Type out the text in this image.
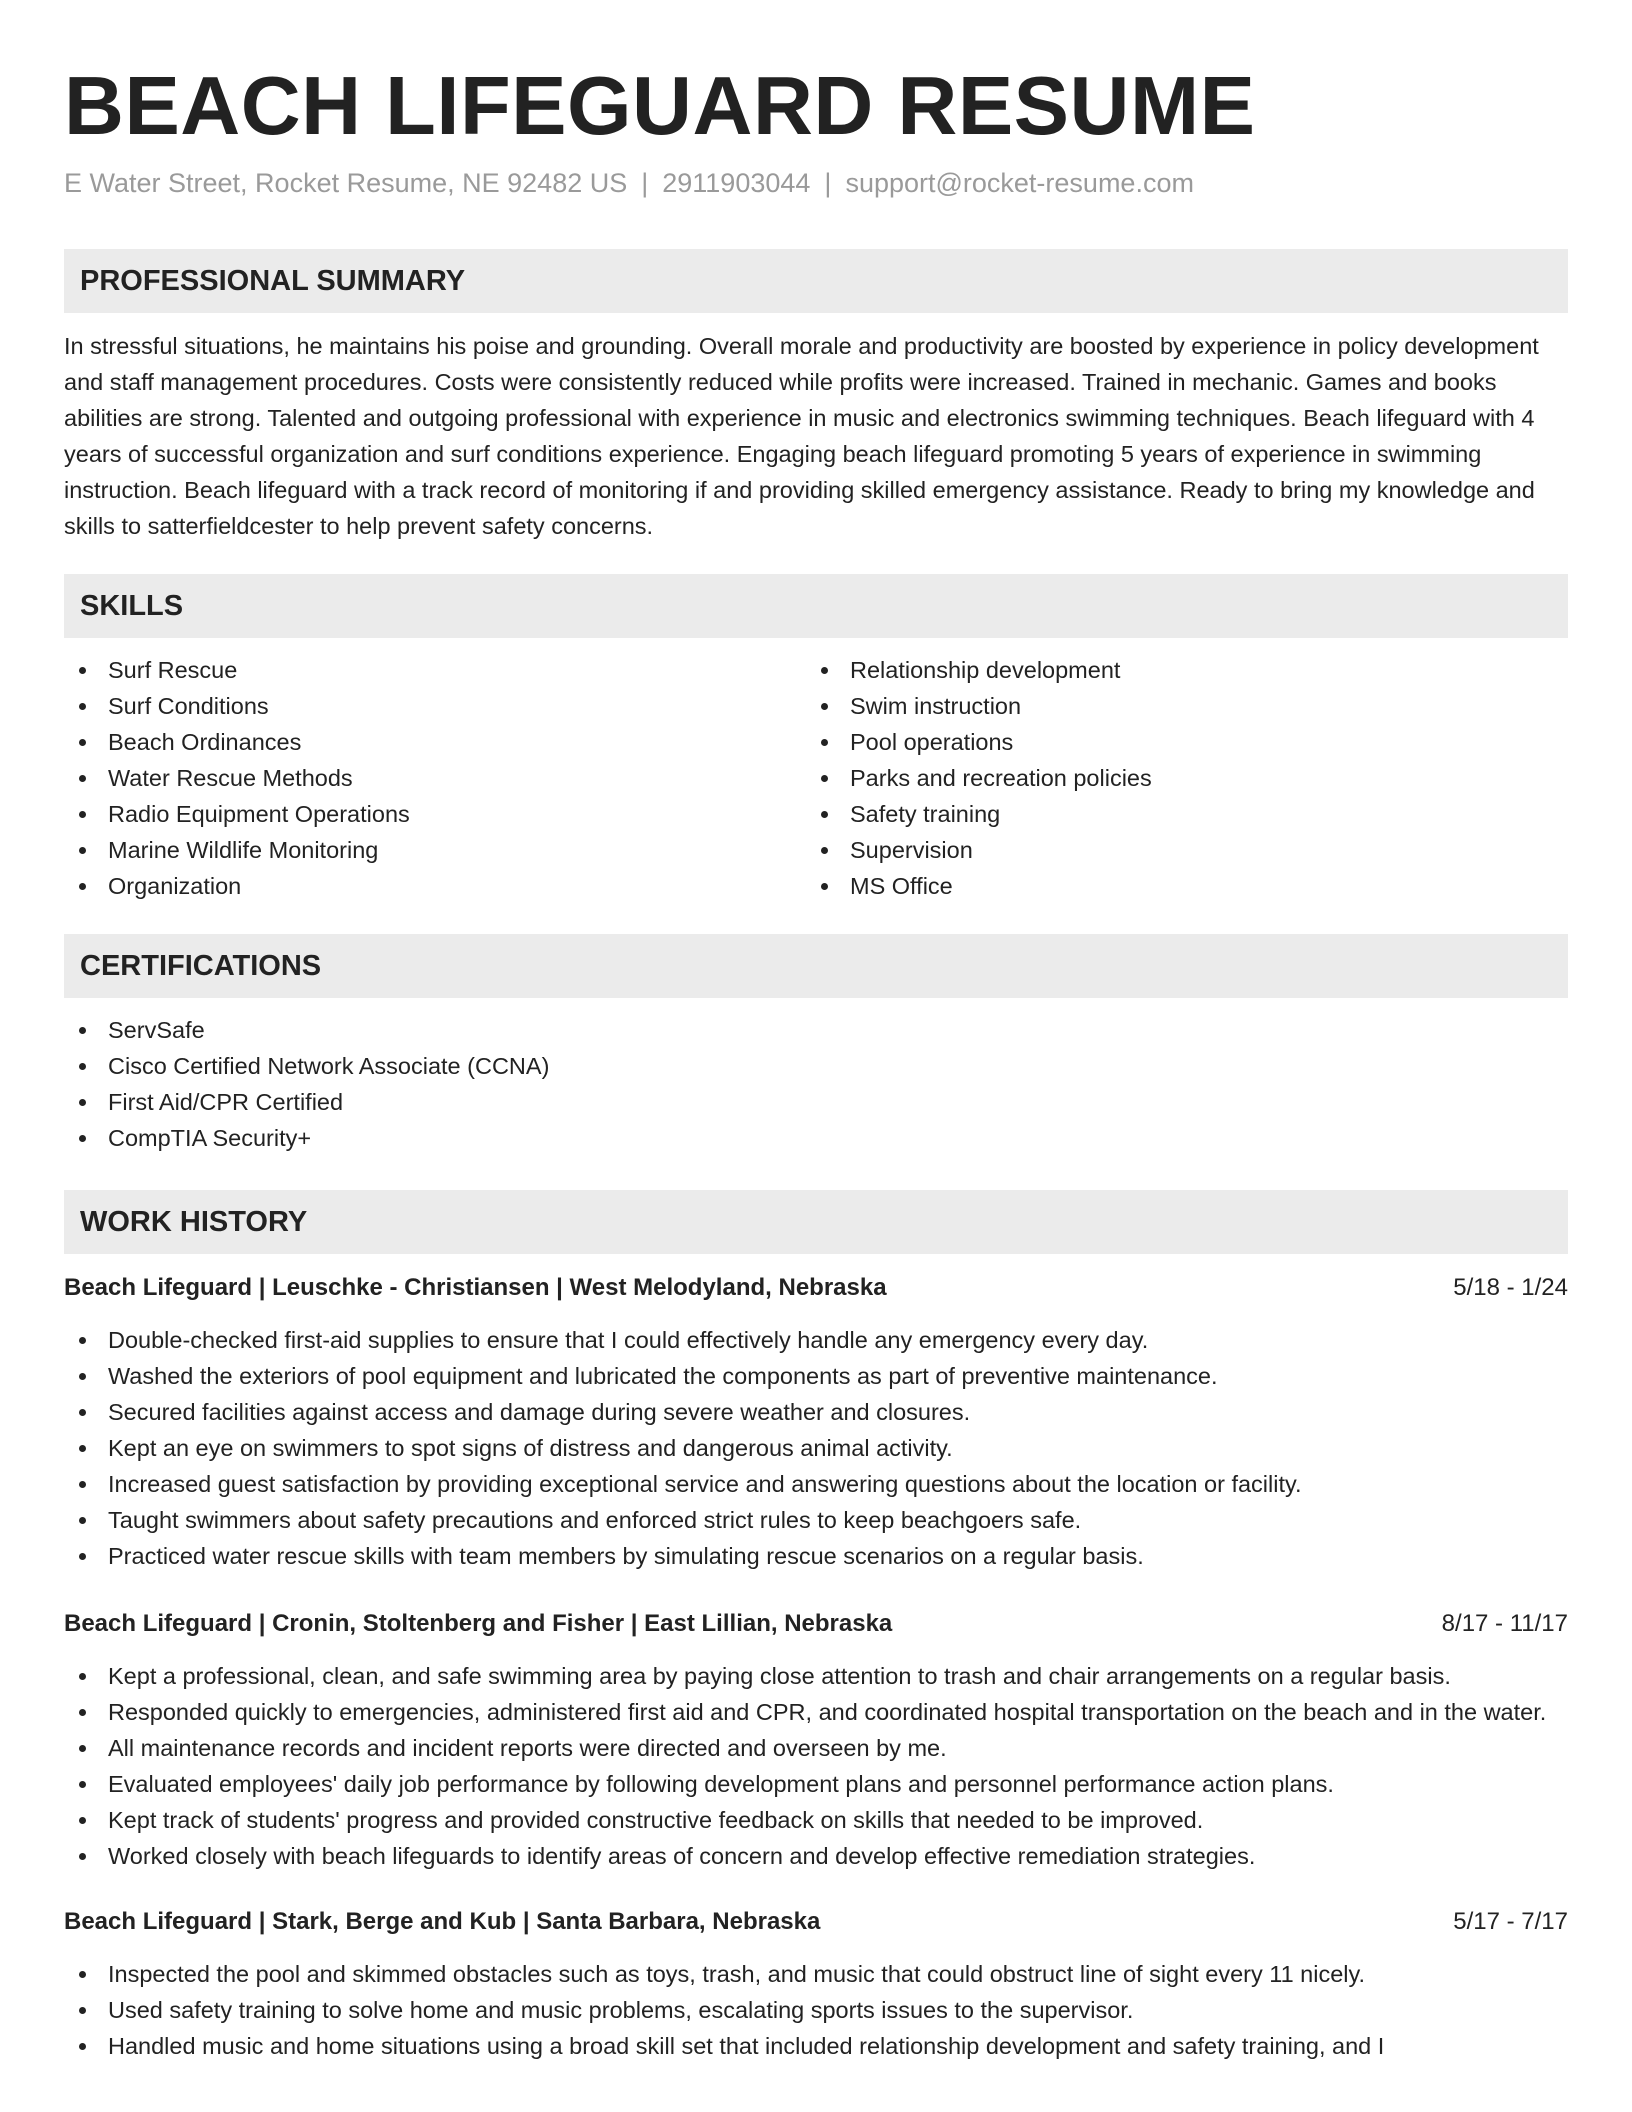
BEACH LIFEGUARD RESUME
E Water Street, Rocket Resume, NE 92482 US | 2911903044 | support@rocket-resume.com
PROFESSIONAL SUMMARY

In stressful situations, he maintains his poise and grounding. Overall morale and productivity are boosted by experience in policy development and staff management procedures. Costs were consistently reduced while profits were increased. Trained in mechanic. Games and books abilities are strong. Talented and outgoing professional with experience in music and electronics swimming techniques. Beach lifeguard with 4 years of successful organization and surf conditions experience. Engaging beach lifeguard promoting 5 years of experience in swimming instruction. Beach lifeguard with a track record of monitoring if and providing skilled emergency assistance. Ready to bring my knowledge and skills to satterfieldcester to help prevent safety concerns.

SKILLS
Surf Rescue
Surf Conditions
Beach Ordinances
Water Rescue Methods
Radio Equipment Operations
Marine Wildlife Monitoring
Organization
Relationship development
Swim instruction
Pool operations
Parks and recreation policies
Safety training
Supervision
MS Office
CERTIFICATIONS
ServSafe
Cisco Certified Network Associate (CCNA)
First Aid/CPR Certified
CompTIA Security+
WORK HISTORY
Beach Lifeguard | Leuschke - Christiansen | West Melodyland, Nebraska	5/18 - 1/24
Double-checked first-aid supplies to ensure that I could effectively handle any emergency every day.
Washed the exteriors of pool equipment and lubricated the components as part of preventive maintenance.
Secured facilities against access and damage during severe weather and closures.
Kept an eye on swimmers to spot signs of distress and dangerous animal activity.
Increased guest satisfaction by providing exceptional service and answering questions about the location or facility.
Taught swimmers about safety precautions and enforced strict rules to keep beachgoers safe.
Practiced water rescue skills with team members by simulating rescue scenarios on a regular basis.
Beach Lifeguard | Cronin, Stoltenberg and Fisher | East Lillian, Nebraska	8/17 - 11/17
Kept a professional, clean, and safe swimming area by paying close attention to trash and chair arrangements on a regular basis.
Responded quickly to emergencies, administered first aid and CPR, and coordinated hospital transportation on the beach and in the water.
All maintenance records and incident reports were directed and overseen by me.
Evaluated employees' daily job performance by following development plans and personnel performance action plans.
Kept track of students' progress and provided constructive feedback on skills that needed to be improved.
Worked closely with beach lifeguards to identify areas of concern and develop effective remediation strategies.
Beach Lifeguard | Stark, Berge and Kub | Santa Barbara, Nebraska	5/17 - 7/17
Inspected the pool and skimmed obstacles such as toys, trash, and music that could obstruct line of sight every 11 nicely.
Used safety training to solve home and music problems, escalating sports issues to the supervisor.
Handled music and home situations using a broad skill set that included relationship development and safety training, and I
